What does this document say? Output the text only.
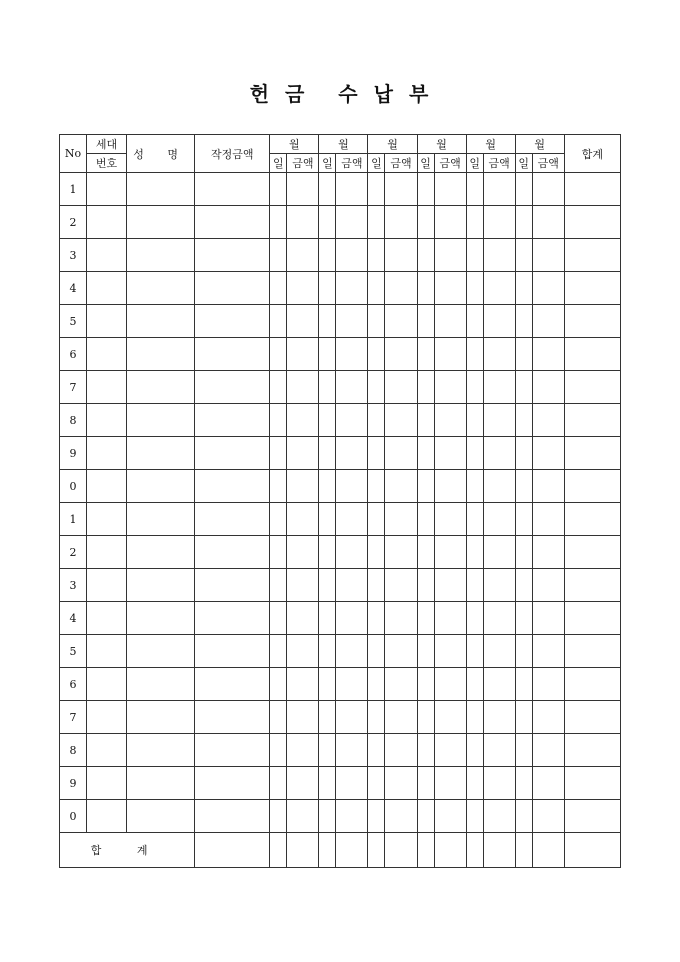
헌 금 수 납 부
No	세대	성 명	작정금액	월		월		월		월		월		월		합계
	번호			일	금액	일	금액	일	금액	일	금액	일	금액	일	금액	
1																
2																
3																
4																
5																
6																
7																
8																
9																
0																
1																
2																
3																
4																
5																
6																
7																
8																
9																
0																
합 계																
